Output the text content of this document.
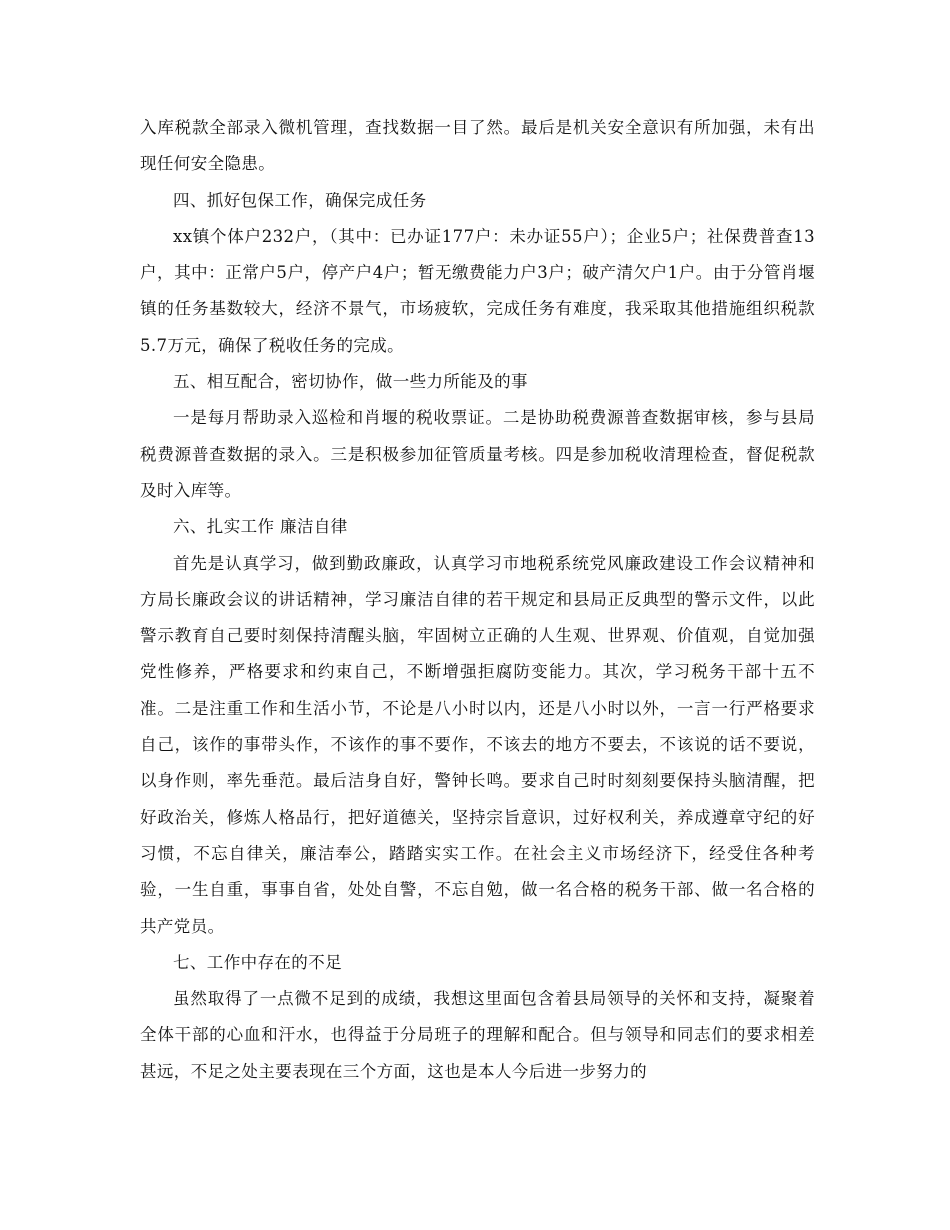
入库税款全部录入微机管理，查找数据一目了然。最后是机关安全意识有所加强，未有出现任何安全隐患。

四、抓好包保工作，确保完成任务

xx镇个体户232户，（其中：已办证177户：未办证55户）；企业5户；社保费普查13户，其中：正常户5户，停产户4户；暂无缴费能力户3户；破产清欠户1户。由于分管肖堰镇的任务基数较大，经济不景气，市场疲软，完成任务有难度，我采取其他措施组织税款5.7万元，确保了税收任务的完成。

五、相互配合，密切协作，做一些力所能及的事

一是每月帮助录入巡检和肖堰的税收票证。二是协助税费源普查数据审核，参与县局税费源普查数据的录入。三是积极参加征管质量考核。四是参加税收清理检查，督促税款及时入库等。

六、扎实工作 廉洁自律

首先是认真学习，做到勤政廉政，认真学习市地税系统党风廉政建设工作会议精神和方局长廉政会议的讲话精神，学习廉洁自律的若干规定和县局正反典型的警示文件，以此警示教育自己要时刻保持清醒头脑，牢固树立正确的人生观、世界观、价值观，自觉加强党性修养，严格要求和约束自己，不断增强拒腐防变能力。其次，学习税务干部十五不准。二是注重工作和生活小节，不论是八小时以内，还是八小时以外，一言一行严格要求自己，该作的事带头作，不该作的事不要作，不该去的地方不要去，不该说的话不要说，以身作则，率先垂范。最后洁身自好，警钟长鸣。要求自己时时刻刻要保持头脑清醒，把好政治关，修炼人格品行，把好道德关，坚持宗旨意识，过好权利关，养成遵章守纪的好习惯，不忘自律关，廉洁奉公，踏踏实实工作。在社会主义市场经济下，经受住各种考验，一生自重，事事自省，处处自警，不忘自勉，做一名合格的税务干部、做一名合格的共产党员。

七、工作中存在的不足

虽然取得了一点微不足到的成绩，我想这里面包含着县局领导的关怀和支持，凝聚着全体干部的心血和汗水，也得益于分局班子的理解和配合。但与领导和同志们的要求相差甚远，不足之处主要表现在三个方面，这也是本人今后进一步努力的
